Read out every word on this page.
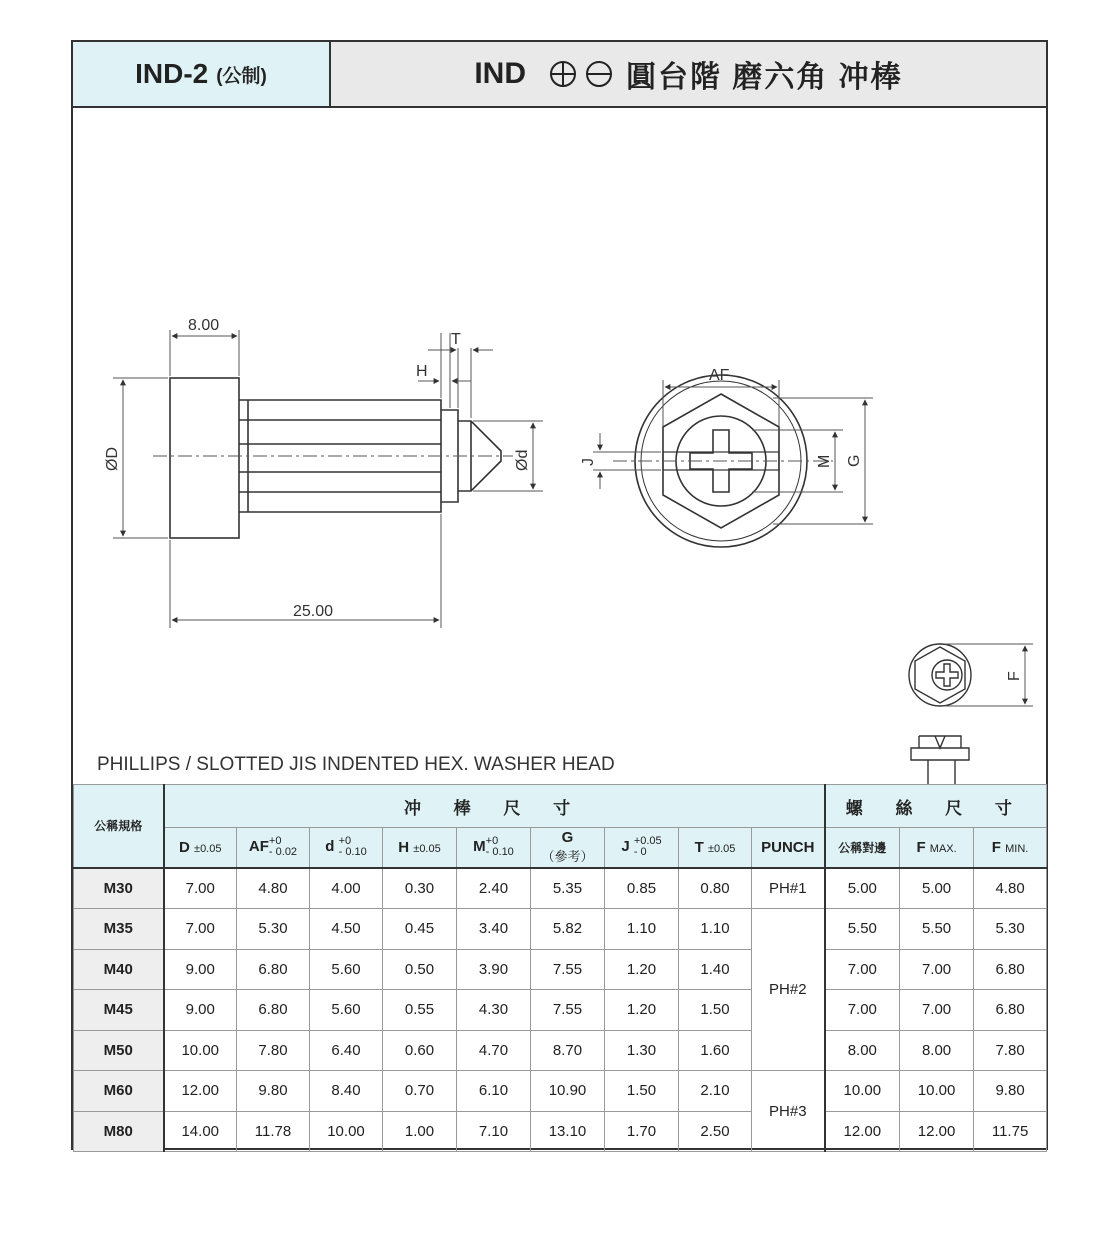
IND-2 (公制)	IND	圓台階 磨六角 冲棒
8.00
25.00
ØD	Ød
H
T
AF
J	M G
F
PHILLIPS / SLOTTED JIS INDENTED HEX. WASHER HEAD
公稱規格	冲 棒 尺 寸									螺 絲 尺 寸		
	D ±0.05	AF+0
- 0.02	d +0
- 0.10	H ±0.05	M+0
- 0.10	G
（參考）	J +0.05
- 0	T ±0.05	PUNCH	公稱對邊	F MAX.	F MIN.
M30	7.00	4.80	4.00	0.30	2.40	5.35	0.85	0.80	PH#1	5.00	5.00	4.80
M35	7.00	5.30	4.50	0.45	3.40	5.82	1.10	1.10	PH#2	5.50	5.50	5.30
M40	9.00	6.80	5.60	0.50	3.90	7.55	1.20	1.40		7.00	7.00	6.80
M45	9.00	6.80	5.60	0.55	4.30	7.55	1.20	1.50		7.00	7.00	6.80
M50	10.00	7.80	6.40	0.60	4.70	8.70	1.30	1.60		8.00	8.00	7.80
M60	12.00	9.80	8.40	0.70	6.10	10.90	1.50	2.10	PH#3	10.00	10.00	9.80
M80	14.00	11.78	10.00	1.00	7.10	13.10	1.70	2.50		12.00	12.00	11.75
